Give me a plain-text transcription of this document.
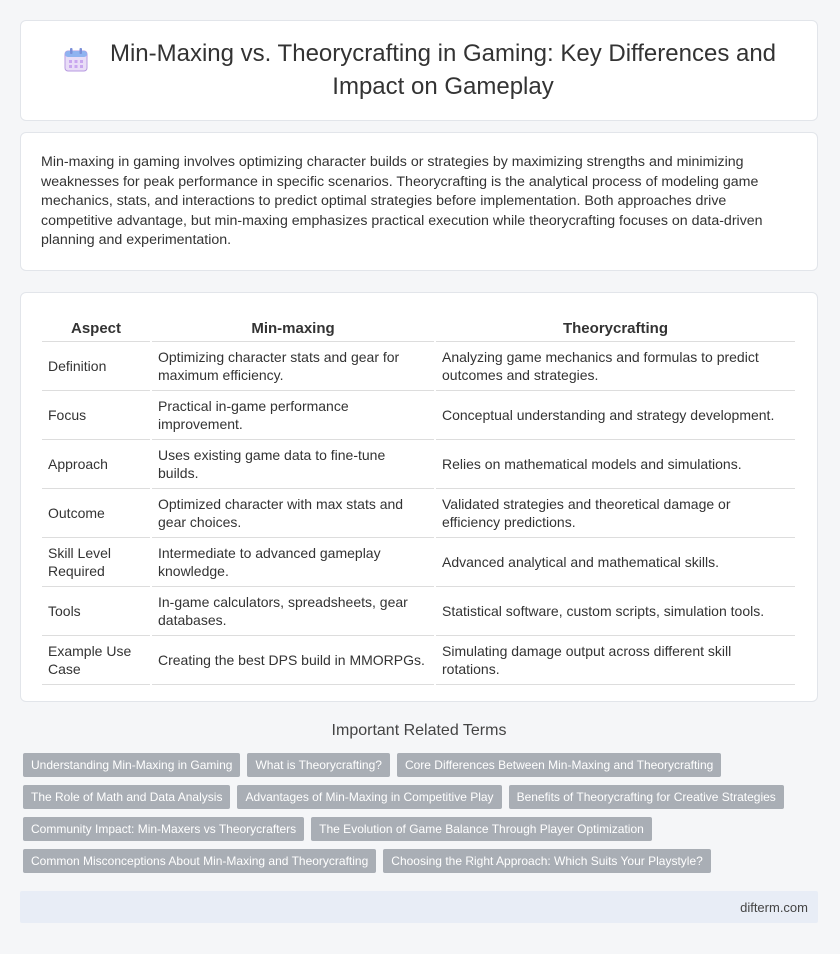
Min-Maxing vs. Theorycrafting in Gaming: Key Differences and Impact on Gameplay

Min-maxing in gaming involves optimizing character builds or strategies by maximizing strengths and minimizing weaknesses for peak performance in specific scenarios. Theorycrafting is the analytical process of modeling game mechanics, stats, and interactions to predict optimal strategies before implementation. Both approaches drive competitive advantage, but min-maxing emphasizes practical execution while theorycrafting focuses on data-driven planning and experimentation.

Aspect	Min-maxing	Theorycrafting
Definition	Optimizing character stats and gear for maximum efficiency.	Analyzing game mechanics and formulas to predict outcomes and strategies.
Focus	Practical in-game performance improvement.	Conceptual understanding and strategy development.
Approach	Uses existing game data to fine-tune builds.	Relies on mathematical models and simulations.
Outcome	Optimized character with max stats and gear choices.	Validated strategies and theoretical damage or efficiency predictions.
Skill Level Required	Intermediate to advanced gameplay knowledge.	Advanced analytical and mathematical skills.
Tools	In-game calculators, spreadsheets, gear databases.	Statistical software, custom scripts, simulation tools.
Example Use Case	Creating the best DPS build in MMORPGs.	Simulating damage output across different skill rotations.
Important Related Terms
Understanding Min-Maxing in Gaming	What is Theorycrafting?	Core Differences Between Min-Maxing and Theorycrafting
The Role of Math and Data Analysis	Advantages of Min-Maxing in Competitive Play	Benefits of Theorycrafting for Creative Strategies
Community Impact: Min-Maxers vs Theorycrafters	The Evolution of Game Balance Through Player Optimization
Common Misconceptions About Min-Maxing and Theorycrafting	Choosing the Right Approach: Which Suits Your Playstyle?
difterm.com
